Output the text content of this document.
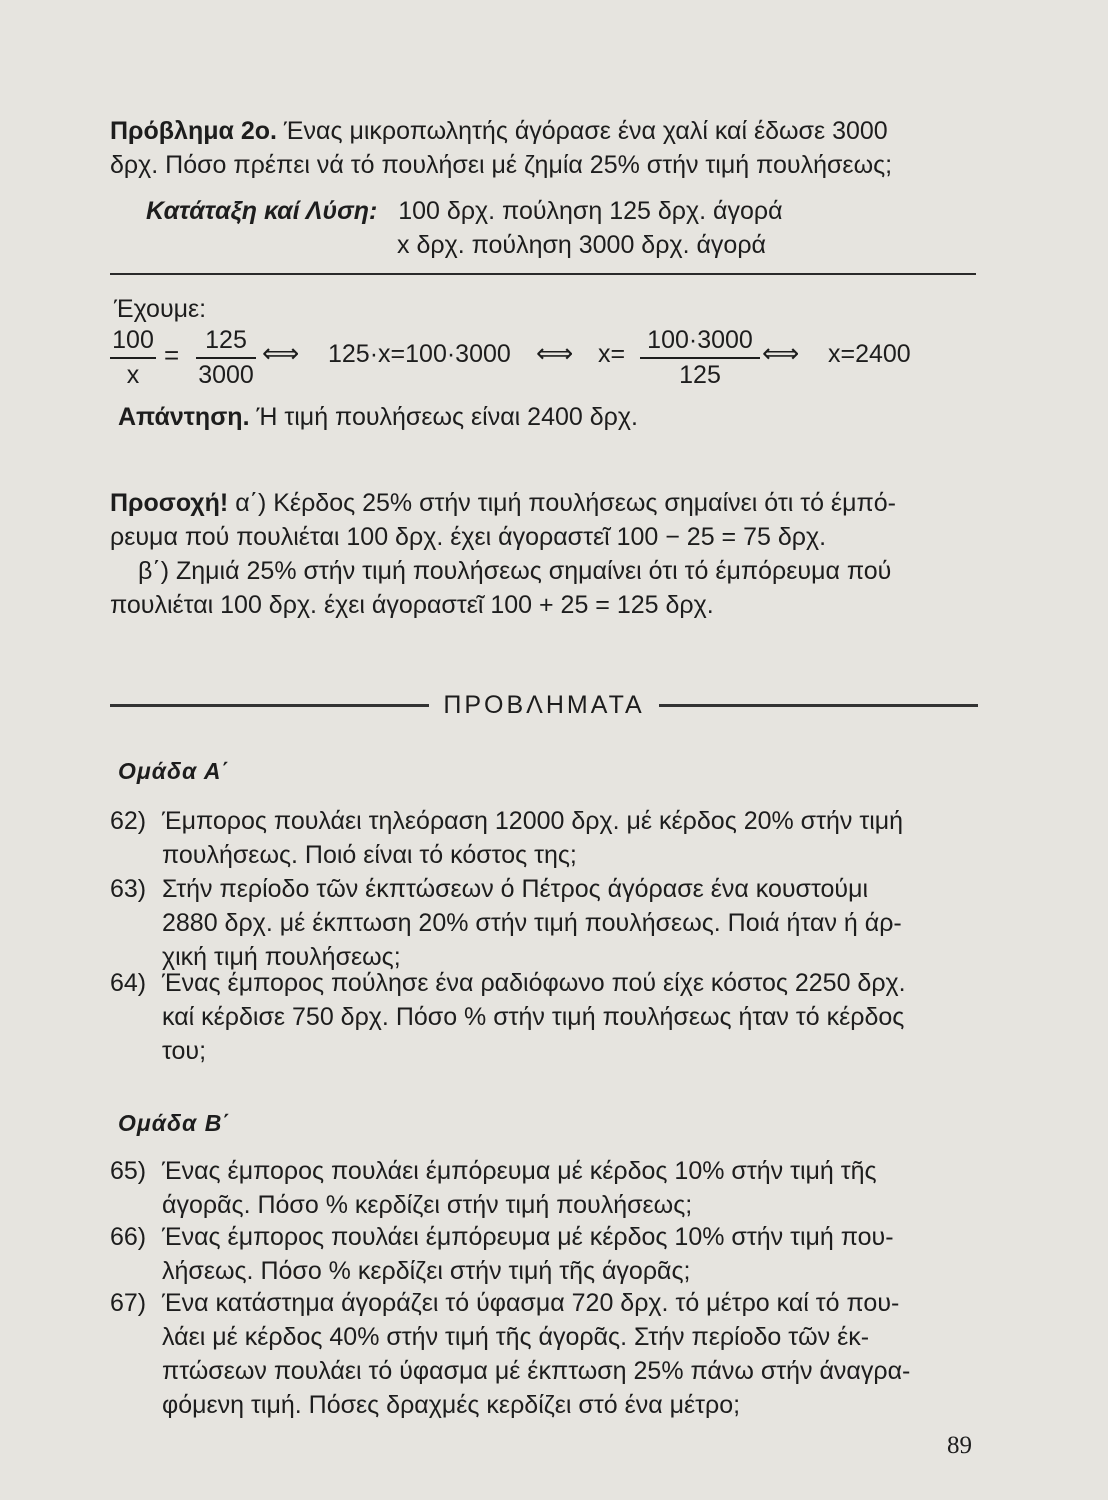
Πρόβλημα 2ο. Ένας μικροπωλητής άγόρασε ένα χαλί καί έδωσε 3000
δρχ. Πόσο πρέπει νά τό πουλήσει μέ ζημία 25% στήν τιμή πουλήσεως;
Κατάταξη καί Λύση: 100 δρχ. πούληση 125 δρχ. άγορά
x δρχ. πούληση 3000 δρχ. άγορά
Έχουμε:
100
x
=	125
3000
⟺ 125·x=100·3000 ⟺ x= 100·3000
125
⟺ x=2400
Απάντηση. Ή τιμή πουλήσεως είναι 2400 δρχ.
Προσοχή! α΄) Κέρδος 25% στήν τιμή πουλήσεως σημαίνει ότι τό έμπό-
ρευμα πού πουλιέται 100 δρχ. έχει άγοραστεῖ 100 − 25 = 75 δρχ.
β΄) Ζημιά 25% στήν τιμή πουλήσεως σημαίνει ότι τό έμπόρευμα πού
πουλιέται 100 δρχ. έχει άγοραστεῖ 100 + 25 = 125 δρχ.
ΠΡΟΒΛΗΜΑΤΑ
Ομάδα Α΄
62) Έμπορος πουλάει τηλεόραση 12000 δρχ. μέ κέρδος 20% στήν τιμή
πουλήσεως. Ποιό είναι τό κόστος της;
63) Στήν περίοδο τῶν έκπτώσεων ό Πέτρος άγόρασε ένα κουστούμι
2880 δρχ. μέ έκπτωση 20% στήν τιμή πουλήσεως. Ποιά ήταν ή άρ-
χική τιμή πουλήσεως;
64) Ένας έμπορος πούλησε ένα ραδιόφωνο πού είχε κόστος 2250 δρχ.
καί κέρδισε 750 δρχ. Πόσο % στήν τιμή πουλήσεως ήταν τό κέρδος
του;
Ομάδα Β΄
65) Ένας έμπορος πουλάει έμπόρευμα μέ κέρδος 10% στήν τιμή τῆς
άγορᾶς. Πόσο % κερδίζει στήν τιμή πουλήσεως;
66) Ένας έμπορος πουλάει έμπόρευμα μέ κέρδος 10% στήν τιμή που-
λήσεως. Πόσο % κερδίζει στήν τιμή τῆς άγορᾶς;
67) Ένα κατάστημα άγοράζει τό ύφασμα 720 δρχ. τό μέτρο καί τό που-
λάει μέ κέρδος 40% στήν τιμή τῆς άγορᾶς. Στήν περίοδο τῶν έκ-
πτώσεων πουλάει τό ύφασμα μέ έκπτωση 25% πάνω στήν άναγρα-
φόμενη τιμή. Πόσες δραχμές κερδίζει στό ένα μέτρο;
89
